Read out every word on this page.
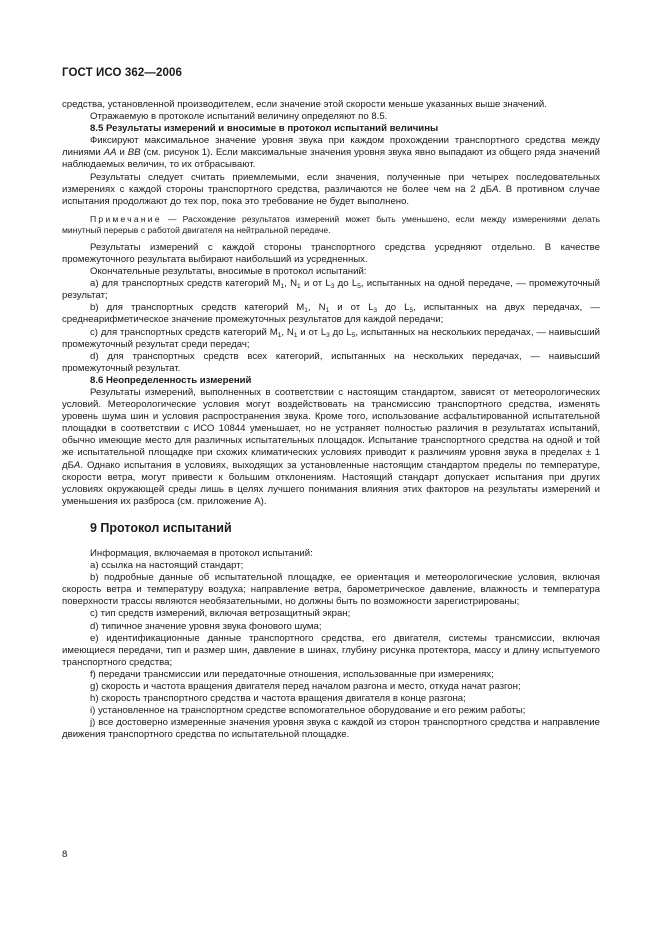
ГОСТ ИСО 362—2006

средства, установленной производителем, если значение этой скорости меньше указанных выше значений.

Отражаемую в протоколе испытаний величину определяют по 8.5.

8.5 Результаты измерений и вносимые в протокол испытаний величины

Фиксируют максимальное значение уровня звука при каждом прохождении транспортного средства между линиями AA и BB (см. рисунок 1). Если максимальные значения уровня звука явно выпадают из общего ряда значений наблюдаемых величин, то их отбрасывают.

Результаты следует считать приемлемыми, если значения, полученные при четырех последовательных измерениях с каждой стороны транспортного средства, различаются не более чем на 2 дБA. В противном случае испытания продолжают до тех пор, пока это требование не будет выполнено.

Примечание — Расхождение результатов измерений может быть уменьшено, если между измерениями делать минутный перерыв с работой двигателя на нейтральной передаче.

Результаты измерений с каждой стороны транспортного средства усредняют отдельно. В качестве промежуточного результата выбирают наибольший из усредненных.

Окончательные результаты, вносимые в протокол испытаний:

a) для транспортных средств категорий $M_1$, $N_1$ и от $L_3$ до $L_5$, испытанных на одной передаче, — промежуточный результат;

b) для транспортных средств категорий $M_1$, $N_1$ и от $L_3$ до $L_5$, испытанных на двух передачах, — среднеарифметическое значение промежуточных результатов для каждой передачи;

c) для транспортных средств категорий $M_1$, $N_1$ и от $L_3$ до $L_5$, испытанных на нескольких передачах, — наивысший промежуточный результат среди передач;

d) для транспортных средств всех категорий, испытанных на нескольких передачах, — наивысший промежуточный результат.

8.6 Неопределенность измерений

Результаты измерений, выполненных в соответствии с настоящим стандартом, зависят от метеорологических условий. Метеорологические условия могут воздействовать на трансмиссию транспортного средства, изменять уровень шума шин и условия распространения звука. Кроме того, использование асфальтированной испытательной площадки в соответствии с ИСО 10844 уменьшает, но не устраняет полностью различия в результатах испытаний, обычно имеющие место для различных испытательных площадок. Испытание транспортного средства на одной и той же испытательной площадке при схожих климатических условиях приводит к различиям уровня звука в пределах ± 1 дБA. Однако испытания в условиях, выходящих за установленные настоящим стандартом пределы по температуре, скорости ветра, могут привести к большим отклонениям. Настоящий стандарт допускает испытания при других условиях окружающей среды лишь в целях лучшего понимания влияния этих факторов на результаты измерений и уменьшения их разброса (см. приложение A).

9 Протокол испытаний

Информация, включаемая в протокол испытаний:

a) ссылка на настоящий стандарт;

b) подробные данные об испытательной площадке, ее ориентация и метеорологические условия, включая скорость ветра и температуру воздуха; направление ветра, барометрическое давление, влажность и температура поверхности трассы являются необязательными, но должны быть по возможности зарегистрированы;

c) тип средств измерений, включая ветрозащитный экран;

d) типичное значение уровня звука фонового шума;

e) идентификационные данные транспортного средства, его двигателя, системы трансмиссии, включая имеющиеся передачи, тип и размер шин, давление в шинах, глубину рисунка протектора, массу и длину испытуемого транспортного средства;

f) передачи трансмиссии или передаточные отношения, использованные при измерениях;

g) скорость и частота вращения двигателя перед началом разгона и место, откуда начат разгон;

h) скорость транспортного средства и частота вращения двигателя в конце разгона;

i) установленное на транспортном средстве вспомогательное оборудование и его режим работы;

j) все достоверно измеренные значения уровня звука с каждой из сторон транспортного средства и направление движения транспортного средства по испытательной площадке.

8
